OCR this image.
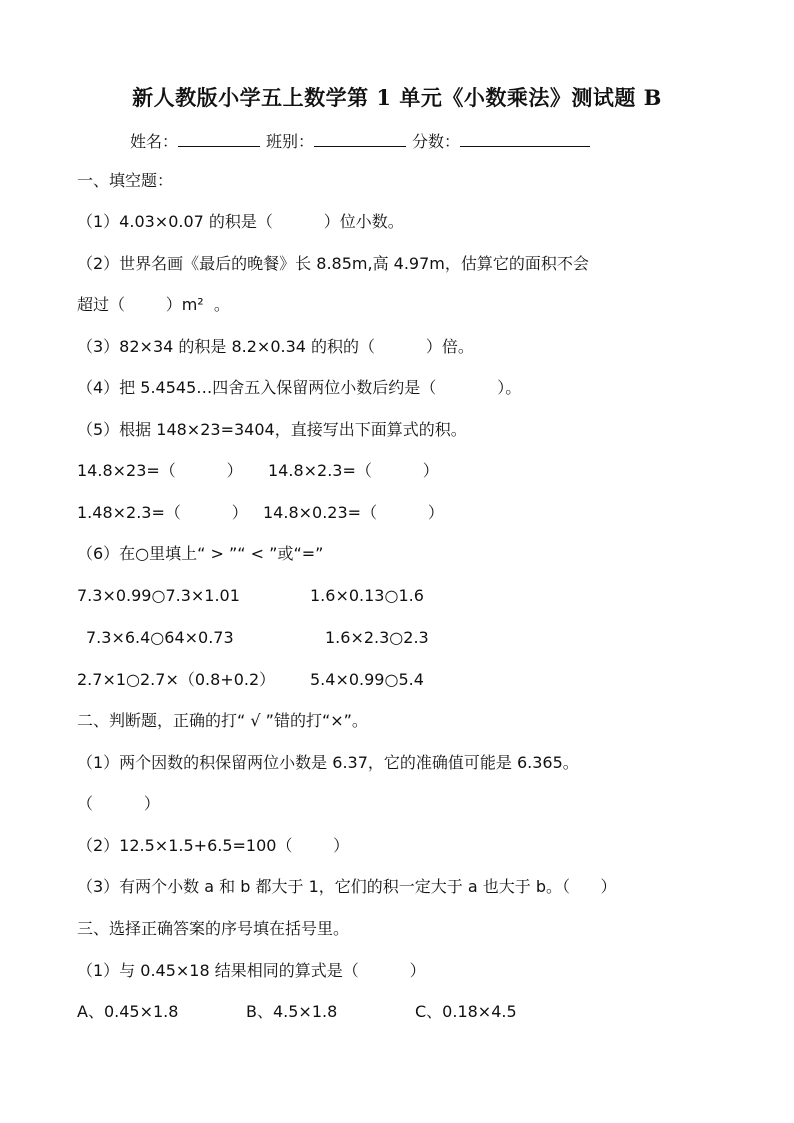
新人教版小学五上数学第 1 单元《小数乘法》测试题 B
姓名：	班别：	分数：
一、填空题：
（1）4.03×0.07 的积是（          ）位小数。
（2）世界名画《最后的晚餐》长 8.85m,高 4.97m，估算它的面积不会
超过（        ）m²  。
（3）82×34 的积是 8.2×0.34 的积的（          ）倍。
（4）把 5.4545…四舍五入保留两位小数后约是（            ）。
（5）根据 148×23=3404，直接写出下面算式的积。
14.8×23=（          ） 14.8×2.3=（          ）
1.48×2.3=（          ） 14.8×0.23=（          ）
（6）在○里填上“ > ”“ < ”或“=”
7.3×0.99○7.3×1.01	1.6×0.13○1.6
7.3×6.4○64×0.73	1.6×2.3○2.3
2.7×1○2.7×（0.8+0.2） 5.4×0.99○5.4
二、判断题，正确的打“ √ ”错的打“×”。
（1）两个因数的积保留两位小数是 6.37，它的准确值可能是 6.365。
（          ）
（2）12.5×1.5+6.5=100（        ）
（3）有两个小数 a 和 b 都大于 1，它们的积一定大于 a 也大于 b。（      ）
三、选择正确答案的序号填在括号里。
（1）与 0.45×18 结果相同的算式是（          ）
A、0.45×1.8	B、4.5×1.8	C、0.18×4.5
